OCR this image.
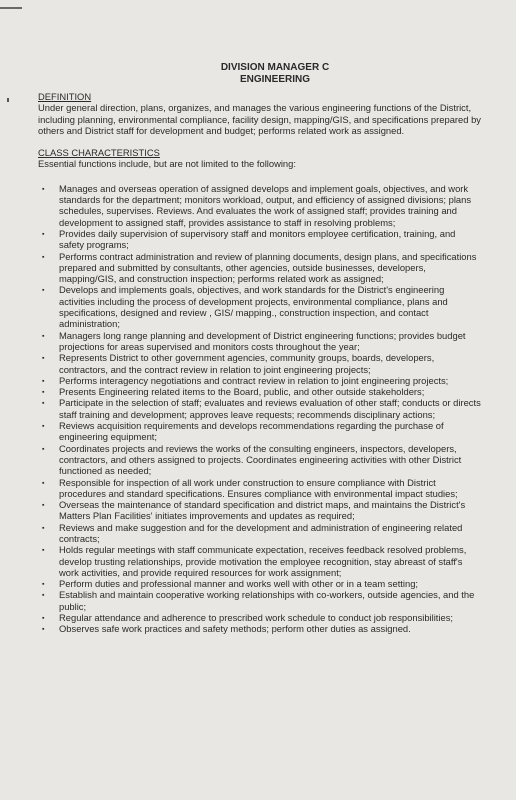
DIVISION MANAGER C
ENGINEERING
DEFINITION

Under general direction, plans, organizes, and manages the various engineering functions of the District, including planning, environmental compliance, facility design, mapping/GIS, and specifications prepared by others and District staff for development and budget; performs related work as assigned.

CLASS CHARACTERISTICS

Essential functions include, but are not limited to the following:

▪ Manages and overseas operation of assigned develops and implement goals, objectives, and work standards for the department; monitors workload, output, and efficiency of assigned divisions; plans schedules, supervises. Reviews. And evaluates the work of assigned staff; provides training and development to assigned staff, provides assistance to staff in resolving problems;
▪ Provides daily supervision of supervisory staff and monitors employee certification, training, and safety programs;
▪ Performs contract administration and review of planning documents, design plans, and specifications prepared and submitted by consultants, other agencies, outside businesses, developers, mapping/GIS, and construction inspection; performs related work as assigned;
▪ Develops and implements goals, objectives, and work standards for the District's engineering activities including the process of development projects, environmental compliance, plans and specifications, designed and review , GIS/ mapping., construction inspection, and contact administration;
▪ Managers long range planning and development of District engineering functions; provides budget projections for areas supervised and monitors costs throughout the year;
▪ Represents District to other government agencies, community groups, boards, developers, contractors, and the contract review in relation to joint engineering projects;
▪ Performs interagency negotiations and contract review in relation to joint engineering projects;
▪ Presents Engineering related items to the Board, public, and other outside stakeholders;
▪ Participate in the selection of staff; evaluates and reviews evaluation of other staff; conducts or directs staff training and development; approves leave requests; recommends disciplinary actions;
▪ Reviews acquisition requirements and develops recommendations regarding the purchase of engineering equipment;
▪ Coordinates projects and reviews the works of the consulting engineers, inspectors, developers, contractors, and others assigned to projects. Coordinates engineering activities with other District functioned as needed;
▪ Responsible for inspection of all work under construction to ensure compliance with District procedures and standard specifications. Ensures compliance with environmental impact studies;
▪ Overseas the maintenance of standard specification and district maps, and maintains the District's Matters Plan Facilities' initiates improvements and updates as required;
▪ Reviews and make suggestion and for the development and administration of engineering related contracts;
▪ Holds regular meetings with staff communicate expectation, receives feedback resolved problems, develop trusting relationships, provide motivation the employee recognition, stay abreast of staff's work activities, and provide required resources for work assignment;
▪ Perform duties and professional manner and works well with other or in a team setting;
▪ Establish and maintain cooperative working relationships with co-workers, outside agencies, and the public;
▪ Regular attendance and adherence to prescribed work schedule to conduct job responsibilities;
▪ Observes safe work practices and safety methods; perform other duties as assigned.
